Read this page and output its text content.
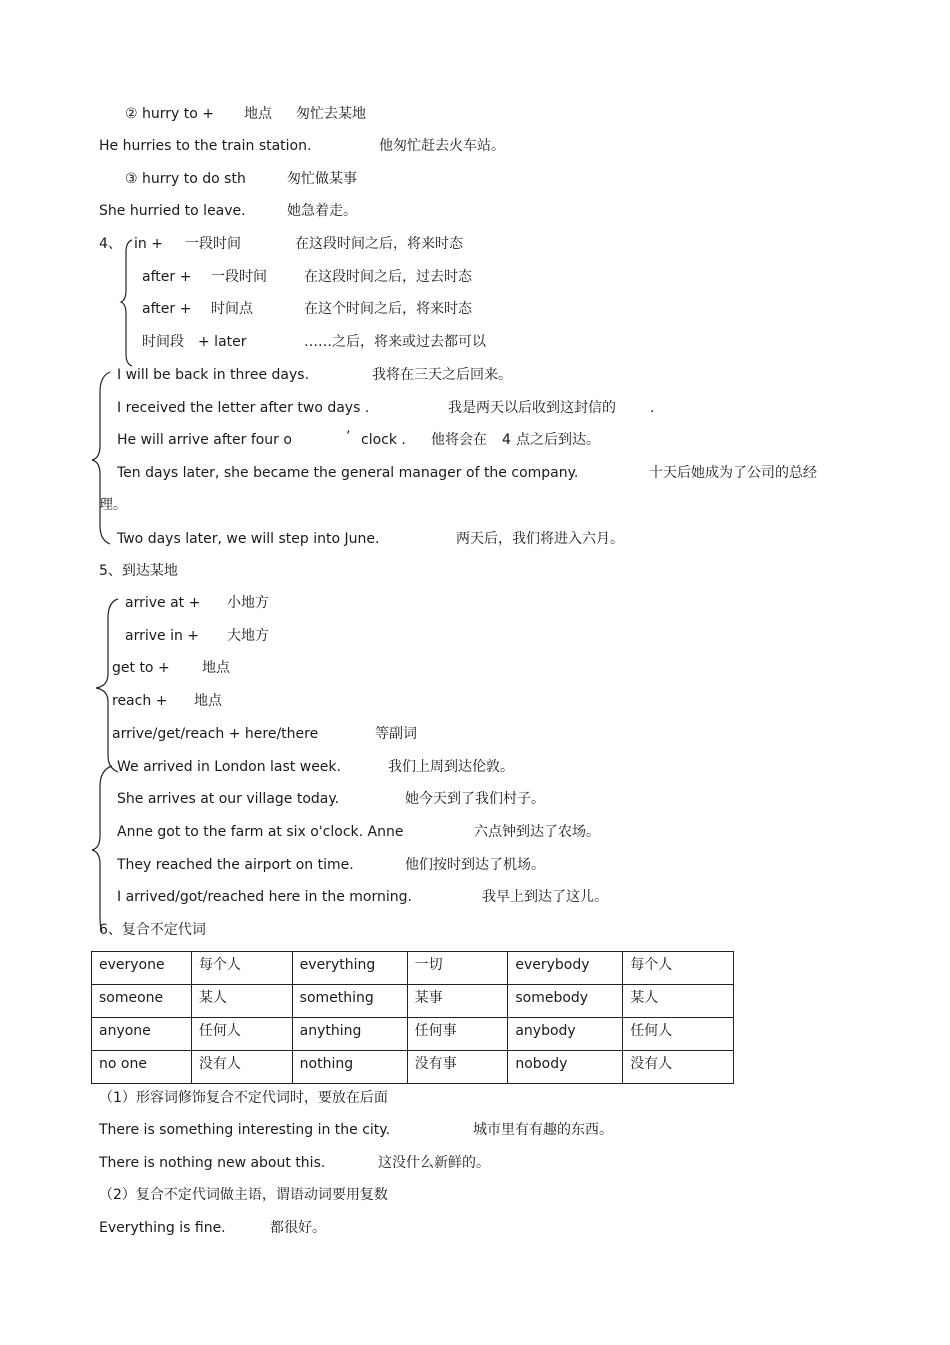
② hurry to + 地点 匆忙去某地
He hurries to the train station.	他匆忙赶去火车站。
③ hurry to do sth	匆忙做某事
She hurried to leave.	她急着走。
4、 in + 一段时间	在这段时间之后，将来时态
after + 一段时间	在这段时间之后，过去时态
after + 时间点	在这个时间之后，将来时态
时间段 + later	……之后，将来或过去都可以
I will be back in three days.	我将在三天之后回来。
I received the letter after two days .	我是两天以后收到这封信的 .
He will arrive after four o	’ clock . 他将会在 4 点之后到达。
Ten days later, she became the general manager of the company.	十天后她成为了公司的总经
理。
Two days later, we will step into June.	两天后，我们将进入六月。
5、到达某地
arrive at + 小地方
arrive in + 大地方
get to + 地点
reach + 地点
arrive/get/reach + here/there	等副词
We arrived in London last week.	我们上周到达伦敦。
She arrives at our village today.	她今天到了我们村子。
Anne got to the farm at six o'clock. Anne	六点钟到达了农场。
They reached the airport on time.	他们按时到达了机场。
I arrived/got/reached here in the morning.	我早上到达了这儿。
6、复合不定代词
everyone	每个人	everything	一切	everybody	每个人
someone	某人	something	某事	somebody	某人
anyone	任何人	anything	任何事	anybody	任何人
no one	没有人	nothing	没有事	nobody	没有人
（1）形容词修饰复合不定代词时，要放在后面
There is something interesting in the city.	城市里有有趣的东西。
There is nothing new about this.	这没什么新鲜的。
（2）复合不定代词做主语，谓语动词要用复数
Everything is fine.	都很好。
